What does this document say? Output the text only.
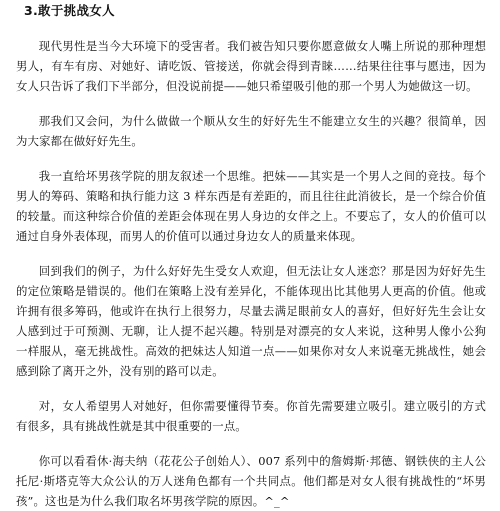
3.敢于挑战女人

现代男性是当今大环境下的受害者。我们被告知只要你愿意做女人嘴上所说的那种理想男人，有车有房、对她好、请吃饭、管接送，你就会得到青睐……结果往往事与愿违，因为女人只告诉了我们下半部分，但没说前提——她只希望吸引他的那一个男人为她做这一切。

那我们又会问，为什么做做一个顺从女生的好好先生不能建立女生的兴趣？很简单，因为大家都在做好好先生。

我一直给坏男孩学院的朋友叙述一个思维。把妹——其实是一个男人之间的竞技。每个男人的筹码、策略和执行能力这 3 样东西是有差距的，而且往往此消彼长，是一个综合价值的较量。而这种综合价值的差距会体现在男人身边的女伴之上。不要忘了，女人的价值可以通过自身外表体现，而男人的价值可以通过身边女人的质量来体现。

回到我们的例子，为什么好好先生受女人欢迎，但无法让女人迷恋？那是因为好好先生的定位策略是错误的。他们在策略上没有差异化，不能体现出比其他男人更高的价值。他或许拥有很多筹码，他或许在执行上很努力，尽量去满足眼前女人的喜好，但好好先生会让女人感到过于可预测、无聊，让人提不起兴趣。特别是对漂亮的女人来说，这种男人像小公狗一样服从，毫无挑战性。高效的把妹达人知道一点——如果你对女人来说毫无挑战性，她会感到除了离开之外，没有别的路可以走。

对，女人希望男人对她好，但你需要懂得节奏。你首先需要建立吸引。建立吸引的方式有很多，具有挑战性就是其中很重要的一点。

你可以看看休·海夫纳（花花公子创始人）、007 系列中的詹姆斯·邦德、钢铁侠的主人公托尼·斯塔克等大众公认的万人迷角色都有一个共同点。他们都是对女人很有挑战性的“坏男孩”。这也是为什么我们取名坏男孩学院的原因。^_^
